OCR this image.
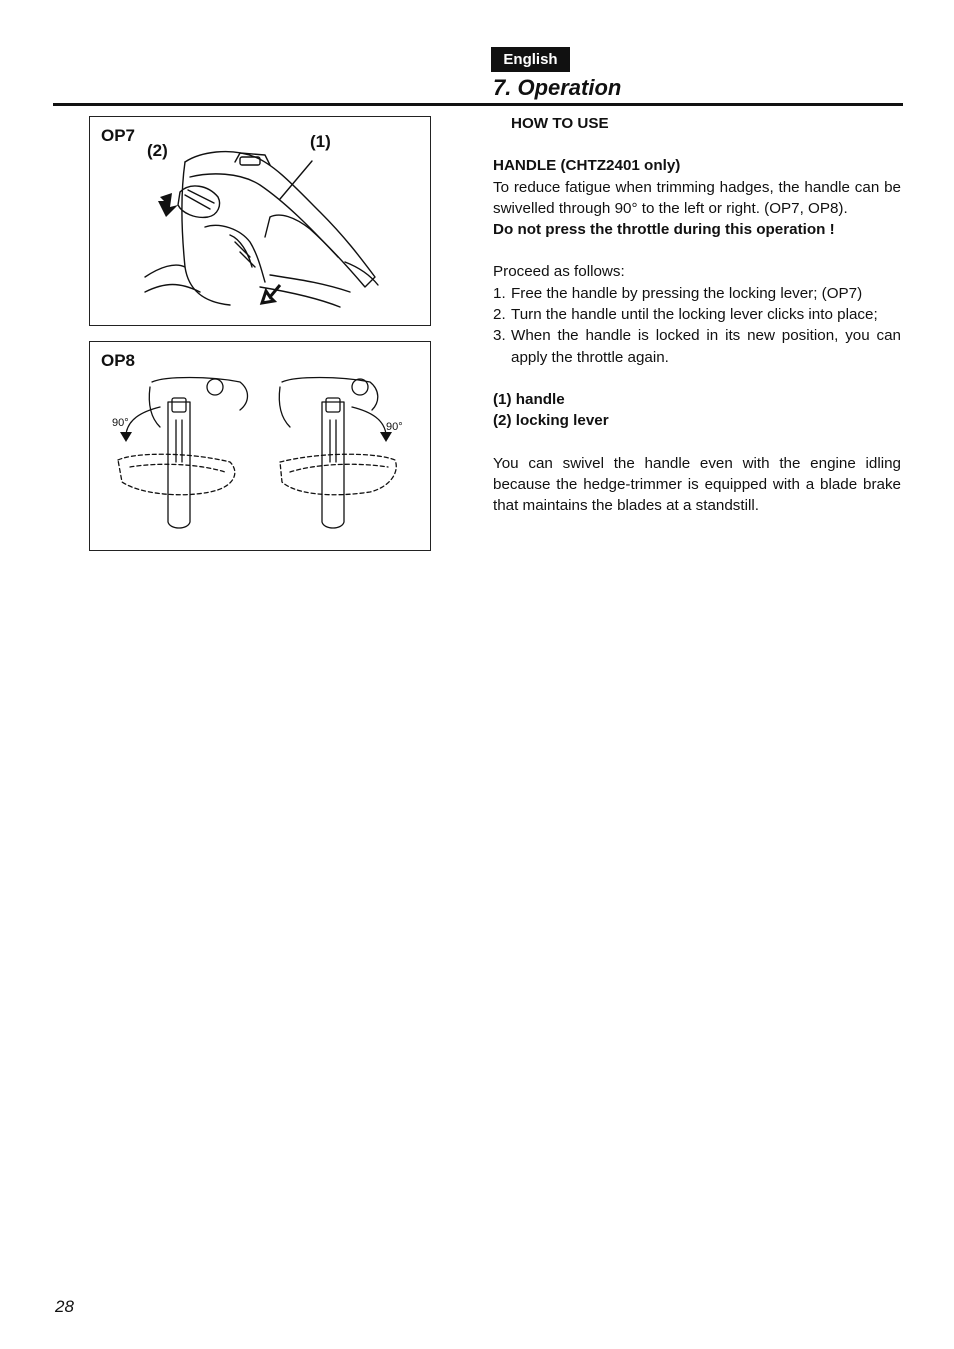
English
7. Operation
OP7
(2)	(1)
90°	90°
OP8

HOW TO USE

HANDLE (CHTZ2401 only)

To reduce fatigue when trimming hadges, the handle can be swivelled through 90° to the left or right. (OP7, OP8).

Do not press the throttle during this operation !

Proceed as follows:

1. Free the handle by pressing the locking lever; (OP7)
2. Turn the handle until the locking lever clicks into place;
3. When the handle is locked in its new position, you can apply the throttle again.

(1) handle

(2) locking lever

You can swivel the handle even with the engine idling because the hedge-trimmer is equipped with a blade brake that maintains the blades at a standstill.

28
